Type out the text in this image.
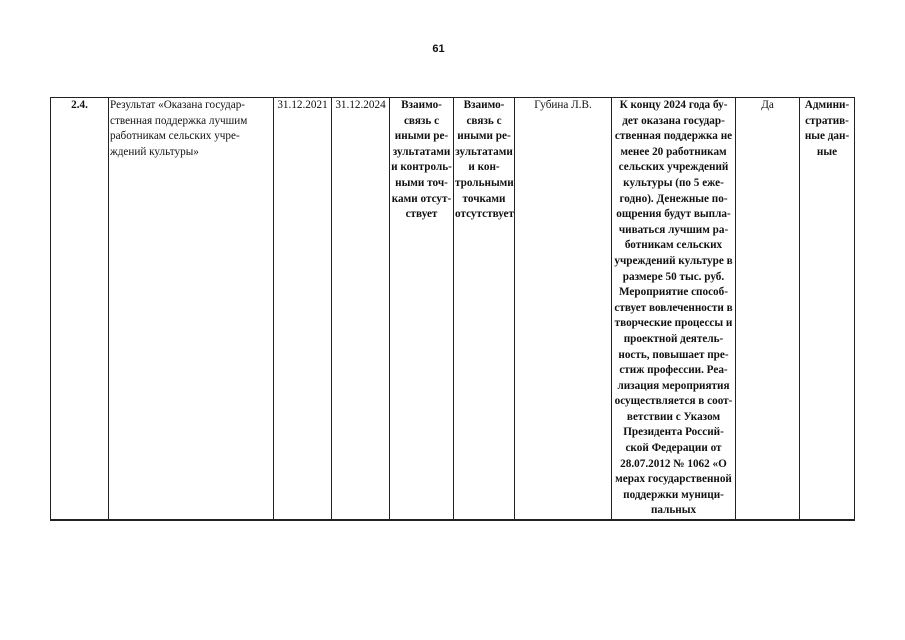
61
2.4.	Результат «Оказана государ-
ственная поддержка лучшим
работникам сельских учре-
ждений культуры»
	31.12.2021	31.12.2024	Взаимо-
связь с
иными ре-
зультатами
и контроль-
ными точ-
ками отсут-
ствует

Взаимо-
связь с
иными ре-
зультатами
и кон-
трольными
точками
отсутствует
	Губина Л.В.	К концу 2024 года бу-
дет оказана государ-
ственная поддержка не
менее 20 работникам
сельских учреждений
культуры (по 5 еже-
годно). Денежные по-
ощрения будут выпла-
чиваться лучшим ра-
ботникам сельских
учреждений культуре в
размере 50 тыс. руб.
Мероприятие способ-
ствует вовлеченности в
творческие процессы и
проектной деятель-
ность, повышает пре-
стиж профессии. Реа-
лизация мероприятия
осуществляется в соот-
ветствии с Указом
Президента Россий-
ской Федерации от
28.07.2012 № 1062 «О
мерах государственной
поддержки муници-
пальных
	Да	Админи-
стратив-
ные дан-
ные
